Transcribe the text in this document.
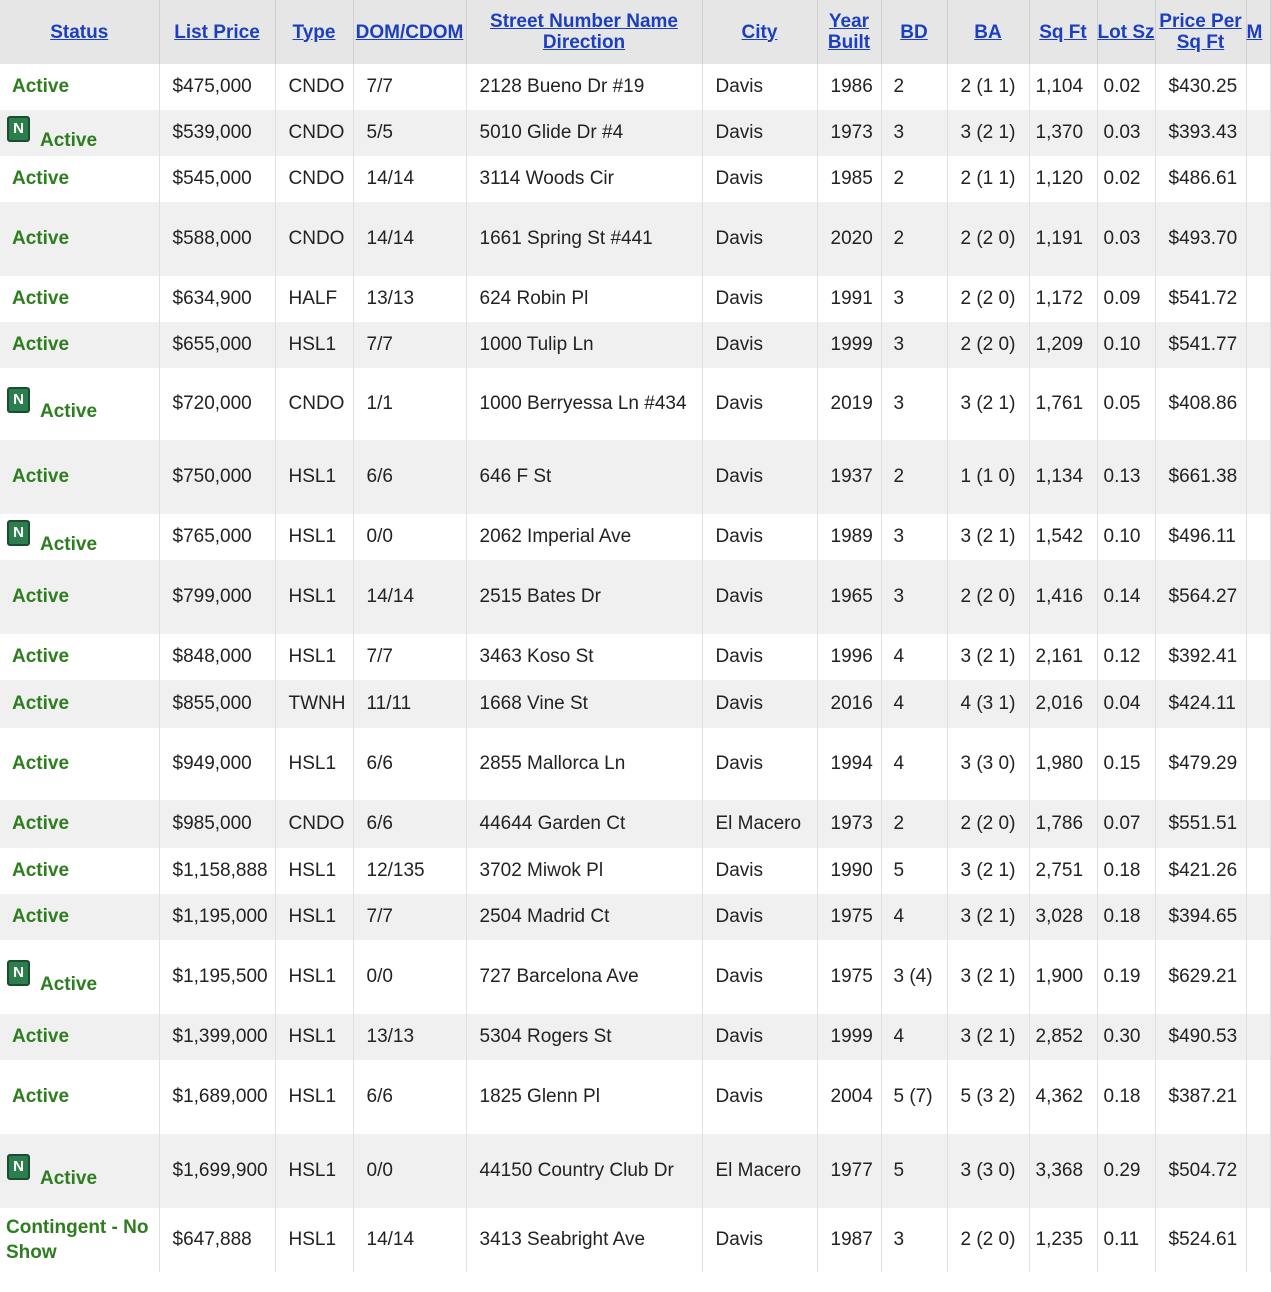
Status	List Price	Type	DOM/CDOM	Street Number Name Direction	City	Year Built	BD	BA	Sq Ft	Lot Sz	Price Per Sq Ft	M
Active	$475,000	CNDO	7/7	2128 Bueno Dr #19	Davis	1986	2	2 (1 1)	1,104	0.02	$430.25	

N
Active	$539,000	CNDO	5/5	5010 Glide Dr #4	Davis	1973	3	3 (2 1)	1,370	0.03	$393.43	
Active	$545,000	CNDO	14/14	3114 Woods Cir	Davis	1985	2	2 (1 1)	1,120	0.02	$486.61	
Active	$588,000	CNDO	14/14	1661 Spring St #441	Davis	2020	2	2 (2 0)	1,191	0.03	$493.70	
Active	$634,900	HALF	13/13	624 Robin Pl	Davis	1991	3	2 (2 0)	1,172	0.09	$541.72	
Active	$655,000	HSL1	7/7	1000 Tulip Ln	Davis	1999	3	2 (2 0)	1,209	0.10	$541.77	

N
Active	$720,000	CNDO	1/1	1000 Berryessa Ln #434	Davis	2019	3	3 (2 1)	1,761	0.05	$408.86	
Active	$750,000	HSL1	6/6	646 F St	Davis	1937	2	1 (1 0)	1,134	0.13	$661.38	

N
Active	$765,000	HSL1	0/0	2062 Imperial Ave	Davis	1989	3	3 (2 1)	1,542	0.10	$496.11	
Active	$799,000	HSL1	14/14	2515 Bates Dr	Davis	1965	3	2 (2 0)	1,416	0.14	$564.27	
Active	$848,000	HSL1	7/7	3463 Koso St	Davis	1996	4	3 (2 1)	2,161	0.12	$392.41	
Active	$855,000	TWNH	11/11	1668 Vine St	Davis	2016	4	4 (3 1)	2,016	0.04	$424.11	
Active	$949,000	HSL1	6/6	2855 Mallorca Ln	Davis	1994	4	3 (3 0)	1,980	0.15	$479.29	
Active	$985,000	CNDO	6/6	44644 Garden Ct	El Macero	1973	2	2 (2 0)	1,786	0.07	$551.51	
Active	$1,158,888	HSL1	12/135	3702 Miwok Pl	Davis	1990	5	3 (2 1)	2,751	0.18	$421.26	
Active	$1,195,000	HSL1	7/7	2504 Madrid Ct	Davis	1975	4	3 (2 1)	3,028	0.18	$394.65	

N
Active	$1,195,500	HSL1	0/0	727 Barcelona Ave	Davis	1975	3 (4)	3 (2 1)	1,900	0.19	$629.21	
Active	$1,399,000	HSL1	13/13	5304 Rogers St	Davis	1999	4	3 (2 1)	2,852	0.30	$490.53	
Active	$1,689,000	HSL1	6/6	1825 Glenn Pl	Davis	2004	5 (7)	5 (3 2)	4,362	0.18	$387.21	

N
Active	$1,699,900	HSL1	0/0	44150 Country Club Dr	El Macero	1977	5	3 (3 0)	3,368	0.29	$504.72	
Contingent - No Show	$647,888	HSL1	14/14	3413 Seabright Ave	Davis	1987	3	2 (2 0)	1,235	0.11	$524.61	
